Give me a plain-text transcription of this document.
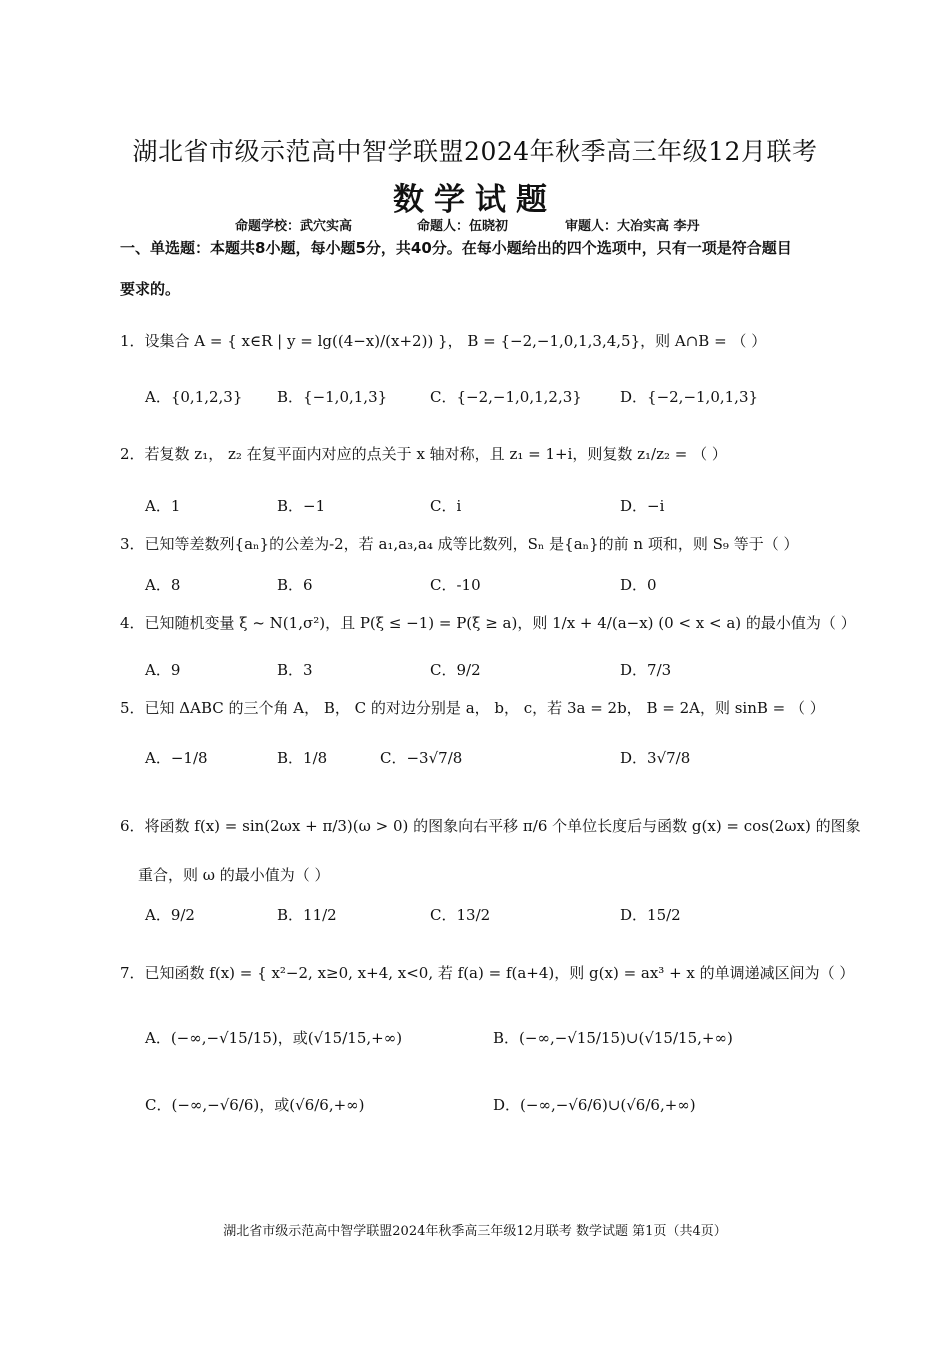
湖北省市级示范高中智学联盟2024年秋季高三年级12月联考
数学试题
命题学校：武穴实高	命题人：伍晓初	审题人：大冶实高 李丹
一、单选题：本题共8小题，每小题5分，共40分。在每小题给出的四个选项中，只有一项是符合题目
要求的。
1．设集合 A = { x∈R | y = lg((4−x)/(x+2)) }， B = {−2,−1,0,1,3,4,5}，则 A∩B = （ ）
A．{0,1,2,3} B．{−1,0,1,3}	C．{−2,−1,0,1,2,3}	D．{−2,−1,0,1,3}
2．若复数 z₁， z₂ 在复平面内对应的点关于 x 轴对称，且 z₁ = 1+i，则复数 z₁/z₂ = （ ）
A．1	B．−1	C．i	D．−i
3．已知等差数列{aₙ}的公差为-2，若 a₁,a₃,a₄ 成等比数列，Sₙ 是{aₙ}的前 n 项和，则 S₉ 等于（ ）
A．8	B．6	C．-10	D．0
4．已知随机变量 ξ ~ N(1,σ²)，且 P(ξ ≤ −1) = P(ξ ≥ a)，则 1/x + 4/(a−x) (0 < x < a) 的最小值为（ ）
A．9	B．3	C．9/2	D．7/3
5．已知 ΔABC 的三个角 A， B， C 的对边分别是 a， b， c，若 3a = 2b， B = 2A，则 sinB = （ ）
A．−1/8	B．1/8	C．−3√7/8	D．3√7/8
6．将函数 f(x) = sin(2ωx + π/3)(ω > 0) 的图象向右平移 π/6 个单位长度后与函数 g(x) = cos(2ωx) 的图象
重合，则 ω 的最小值为（ ）
A．9/2	B．11/2	C．13/2	D．15/2
7．已知函数 f(x) = { x²−2, x≥0, x+4, x<0, 若 f(a) = f(a+4)，则 g(x) = ax³ + x 的单调递减区间为（ ）
A．(−∞,−√15/15)，或(√15/15,+∞)	B．(−∞,−√15/15)∪(√15/15,+∞)
C．(−∞,−√6/6)，或(√6/6,+∞)	D．(−∞,−√6/6)∪(√6/6,+∞)
湖北省市级示范高中智学联盟2024年秋季高三年级12月联考 数学试题 第1页（共4页）
